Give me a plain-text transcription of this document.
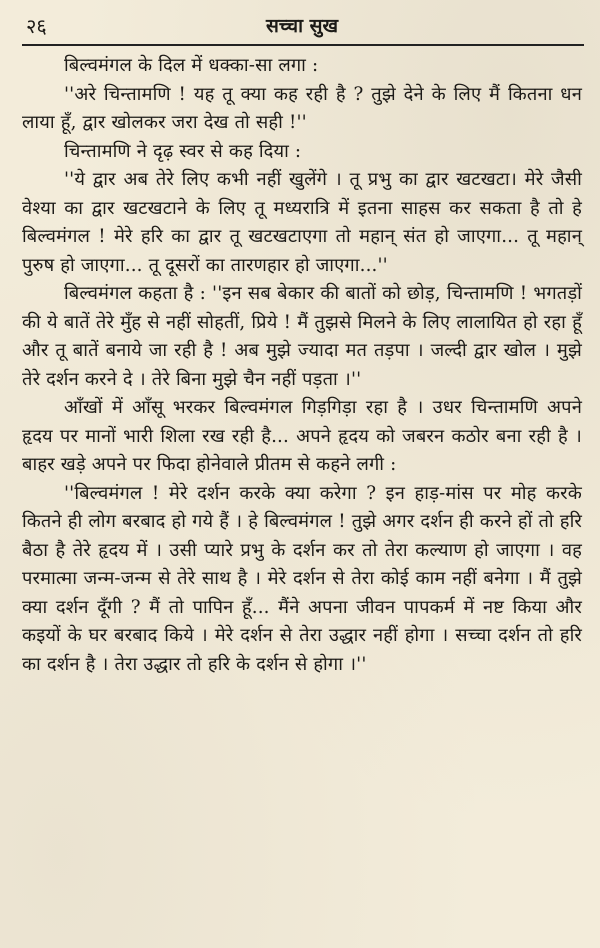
२६	सच्चा सुख

बिल्वमंगल के दिल में धक्का-सा लगा :

''अरे चिन्तामणि ! यह तू क्या कह रही है ? तुझे देने के लिए मैं कितना धन लाया हूँ, द्वार खोलकर जरा देख तो सही !''

चिन्तामणि ने दृढ़ स्वर से कह दिया :

''ये द्वार अब तेरे लिए कभी नहीं खुलेंगे । तू प्रभु का द्वार खटखटा। मेरे जैसी वेश्या का द्वार खटखटाने के लिए तू मध्यरात्रि में इतना साहस कर सकता है तो हे बिल्वमंगल ! मेरे हरि का द्वार तू खटखटाएगा तो महान् संत हो जाएगा... तू महान् पुरुष हो जाएगा... तू दूसरों का तारणहार हो जाएगा...''

बिल्वमंगल कहता है : ''इन सब बेकार की बातों को छोड़, चिन्तामणि ! भगतड़ों की ये बातें तेरे मुँह से नहीं सोहतीं, प्रिये ! मैं तुझसे मिलने के लिए लालायित हो रहा हूँ और तू बातें बनाये जा रही है ! अब मुझे ज्यादा मत तड़पा । जल्दी द्वार खोल । मुझे तेरे दर्शन करने दे । तेरे बिना मुझे चैन नहीं पड़ता ।''

आँखों में आँसू भरकर बिल्वमंगल गिड़गिड़ा रहा है । उधर चिन्तामणि अपने हृदय पर मानों भारी शिला रख रही है... अपने हृदय को जबरन कठोर बना रही है । बाहर खड़े अपने पर फिदा होनेवाले प्रीतम से कहने लगी :

''बिल्वमंगल ! मेरे दर्शन करके क्या करेगा ? इन हाड़-मांस पर मोह करके कितने ही लोग बरबाद हो गये हैं । हे बिल्वमंगल ! तुझे अगर दर्शन ही करने हों तो हरि बैठा है तेरे हृदय में । उसी प्यारे प्रभु के दर्शन कर तो तेरा कल्याण हो जाएगा । वह परमात्मा जन्म-जन्म से तेरे साथ है । मेरे दर्शन से तेरा कोई काम नहीं बनेगा । मैं तुझे क्या दर्शन दूँगी ? मैं तो पापिन हूँ... मैंने अपना जीवन पापकर्म में नष्ट किया और कइयों के घर बरबाद किये । मेरे दर्शन से तेरा उद्धार नहीं होगा । सच्चा दर्शन तो हरि का दर्शन है । तेरा उद्धार तो हरि के दर्शन से होगा ।''
